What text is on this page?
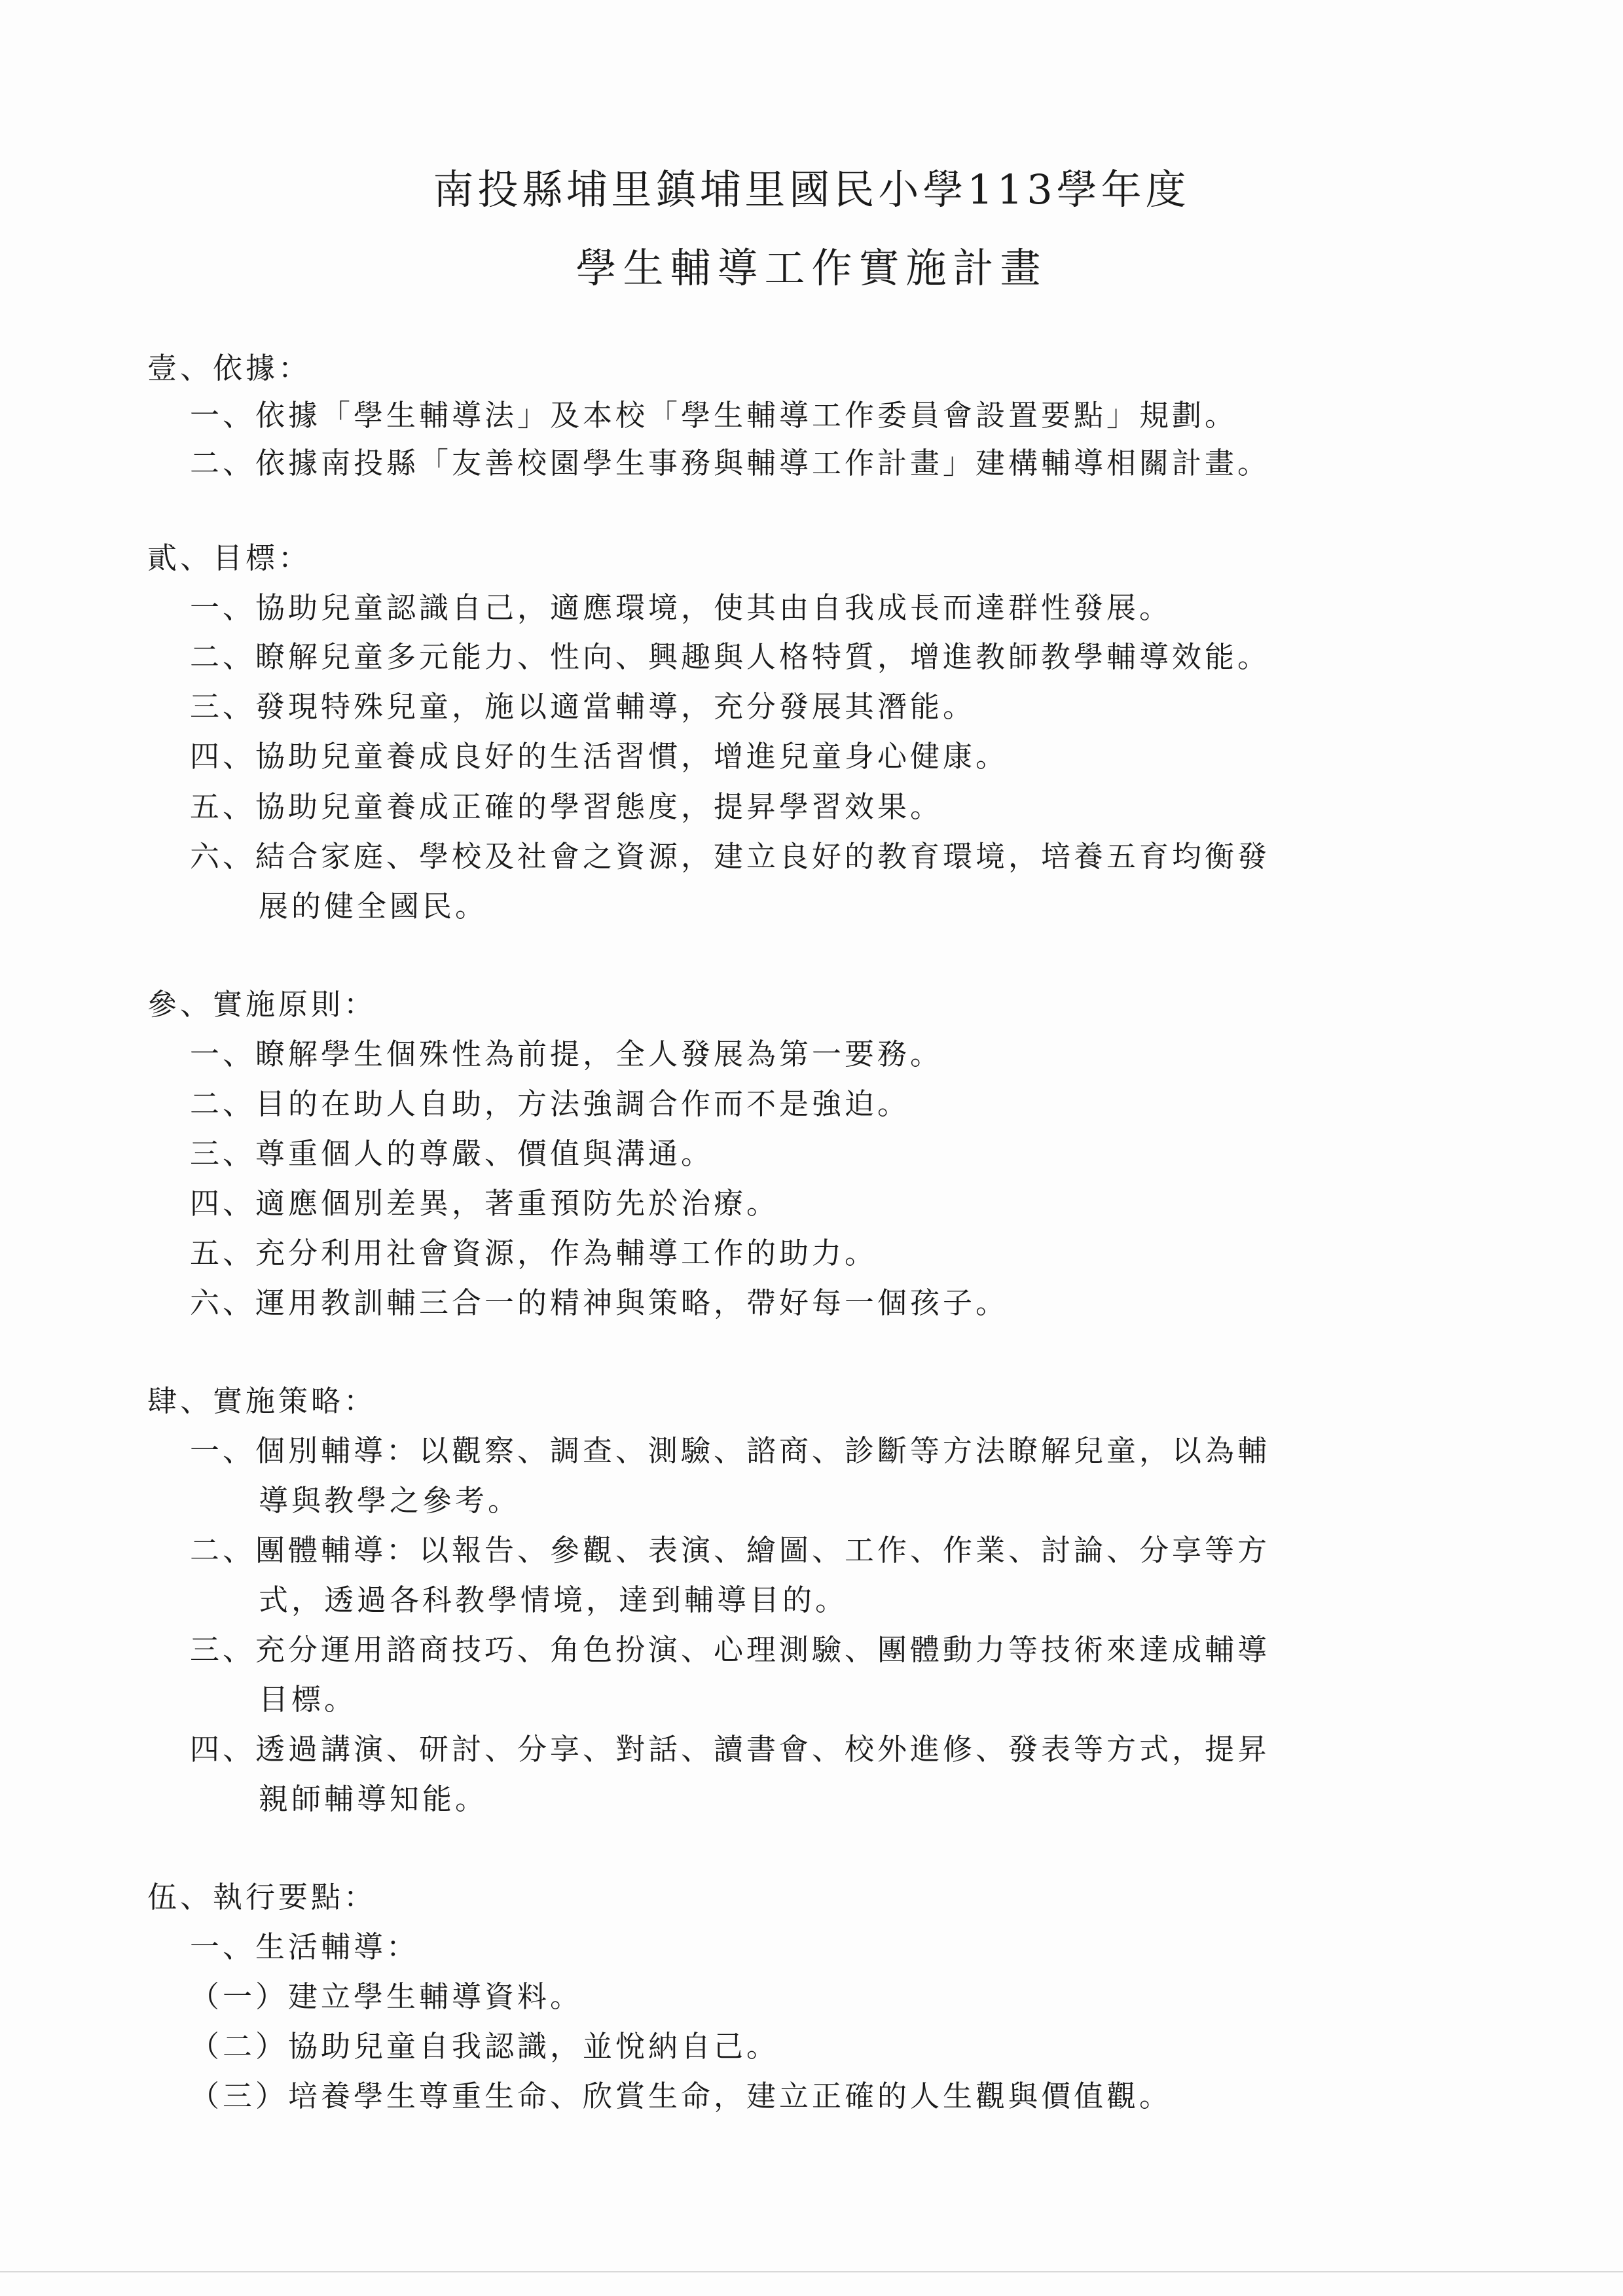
南投縣埔里鎮埔里國民小學113學年度
學生輔導工作實施計畫
壹、依據：
一、依據「學生輔導法」及本校「學生輔導工作委員會設置要點」規劃。
二、依據南投縣「友善校園學生事務與輔導工作計畫」建構輔導相關計畫。
貳、目標：
一、協助兒童認識自己，適應環境，使其由自我成長而達群性發展。
二、瞭解兒童多元能力、性向、興趣與人格特質，增進教師教學輔導效能。
三、發現特殊兒童，施以適當輔導，充分發展其潛能。
四、協助兒童養成良好的生活習慣，增進兒童身心健康。
五、協助兒童養成正確的學習態度，提昇學習效果。
六、結合家庭、學校及社會之資源，建立良好的教育環境，培養五育均衡發
展的健全國民。
參、實施原則：
一、瞭解學生個殊性為前提，全人發展為第一要務。
二、目的在助人自助，方法強調合作而不是強迫。
三、尊重個人的尊嚴、價值與溝通。
四、適應個別差異，著重預防先於治療。
五、充分利用社會資源，作為輔導工作的助力。
六、運用教訓輔三合一的精神與策略，帶好每一個孩子。
肆、實施策略：
一、個別輔導：以觀察、調查、測驗、諮商、診斷等方法瞭解兒童，以為輔
導與教學之參考。
二、團體輔導：以報告、參觀、表演、繪圖、工作、作業、討論、分享等方
式，透過各科教學情境，達到輔導目的。
三、充分運用諮商技巧、角色扮演、心理測驗、團體動力等技術來達成輔導
目標。
四、透過講演、研討、分享、對話、讀書會、校外進修、發表等方式，提昇
親師輔導知能。
伍、執行要點：
一、生活輔導：
（一）建立學生輔導資料。
（二）協助兒童自我認識，並悅納自己。
（三）培養學生尊重生命、欣賞生命，建立正確的人生觀與價值觀。
